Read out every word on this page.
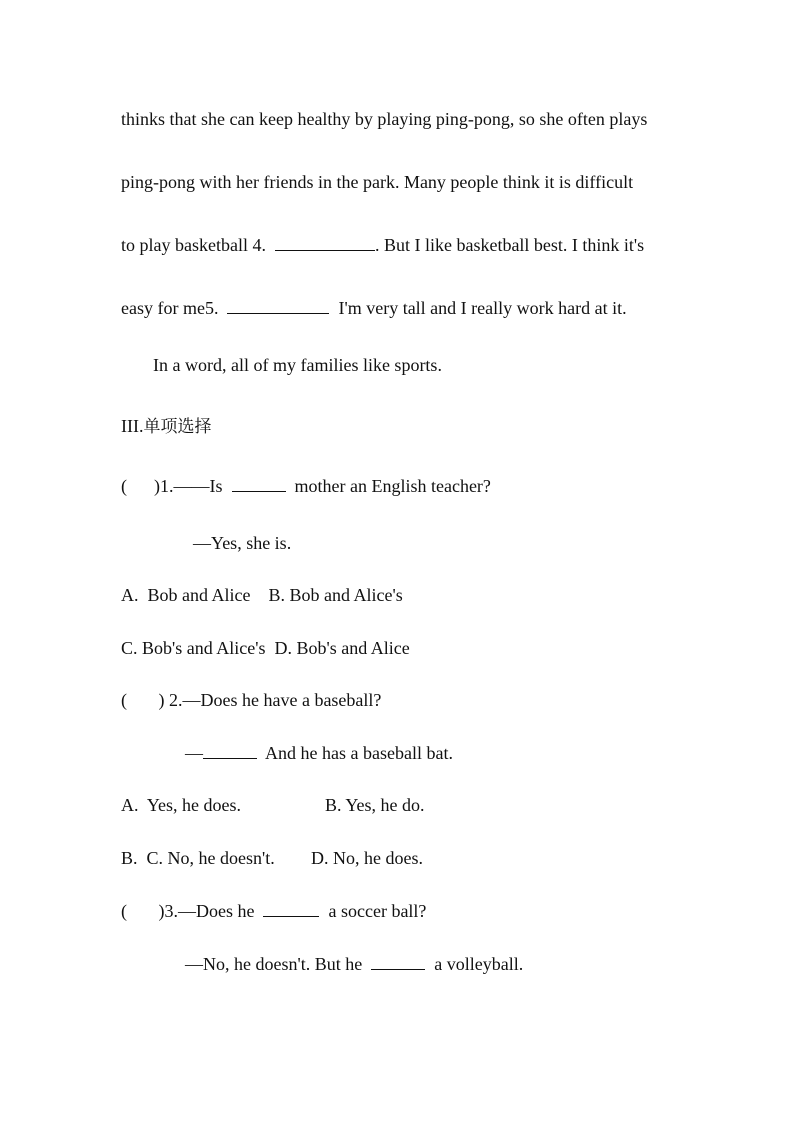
thinks that she can keep healthy by playing ping-pong, so she often plays
ping-pong with her friends in the park. Many people think it is difficult
to play basketball 4.	. But I like basketball best. I think it's
easy for me5.	I'm very tall and I really work hard at it.
In a word, all of my families like sports.
III.单项选择
(      )1.——Is	mother an English teacher?
—Yes, she is.
A.  Bob and Alice    B. Bob and Alice's
C. Bob's and Alice's  D. Bob's and Alice
(       ) 2.—Does he have a baseball?
—	And he has a baseball bat.
A.  Yes, he does.	B. Yes, he do.
B.  C. No, he doesn't. D. No, he does.
(       )3.—Does he	a soccer ball?
—No, he doesn't. But he	a volleyball.
